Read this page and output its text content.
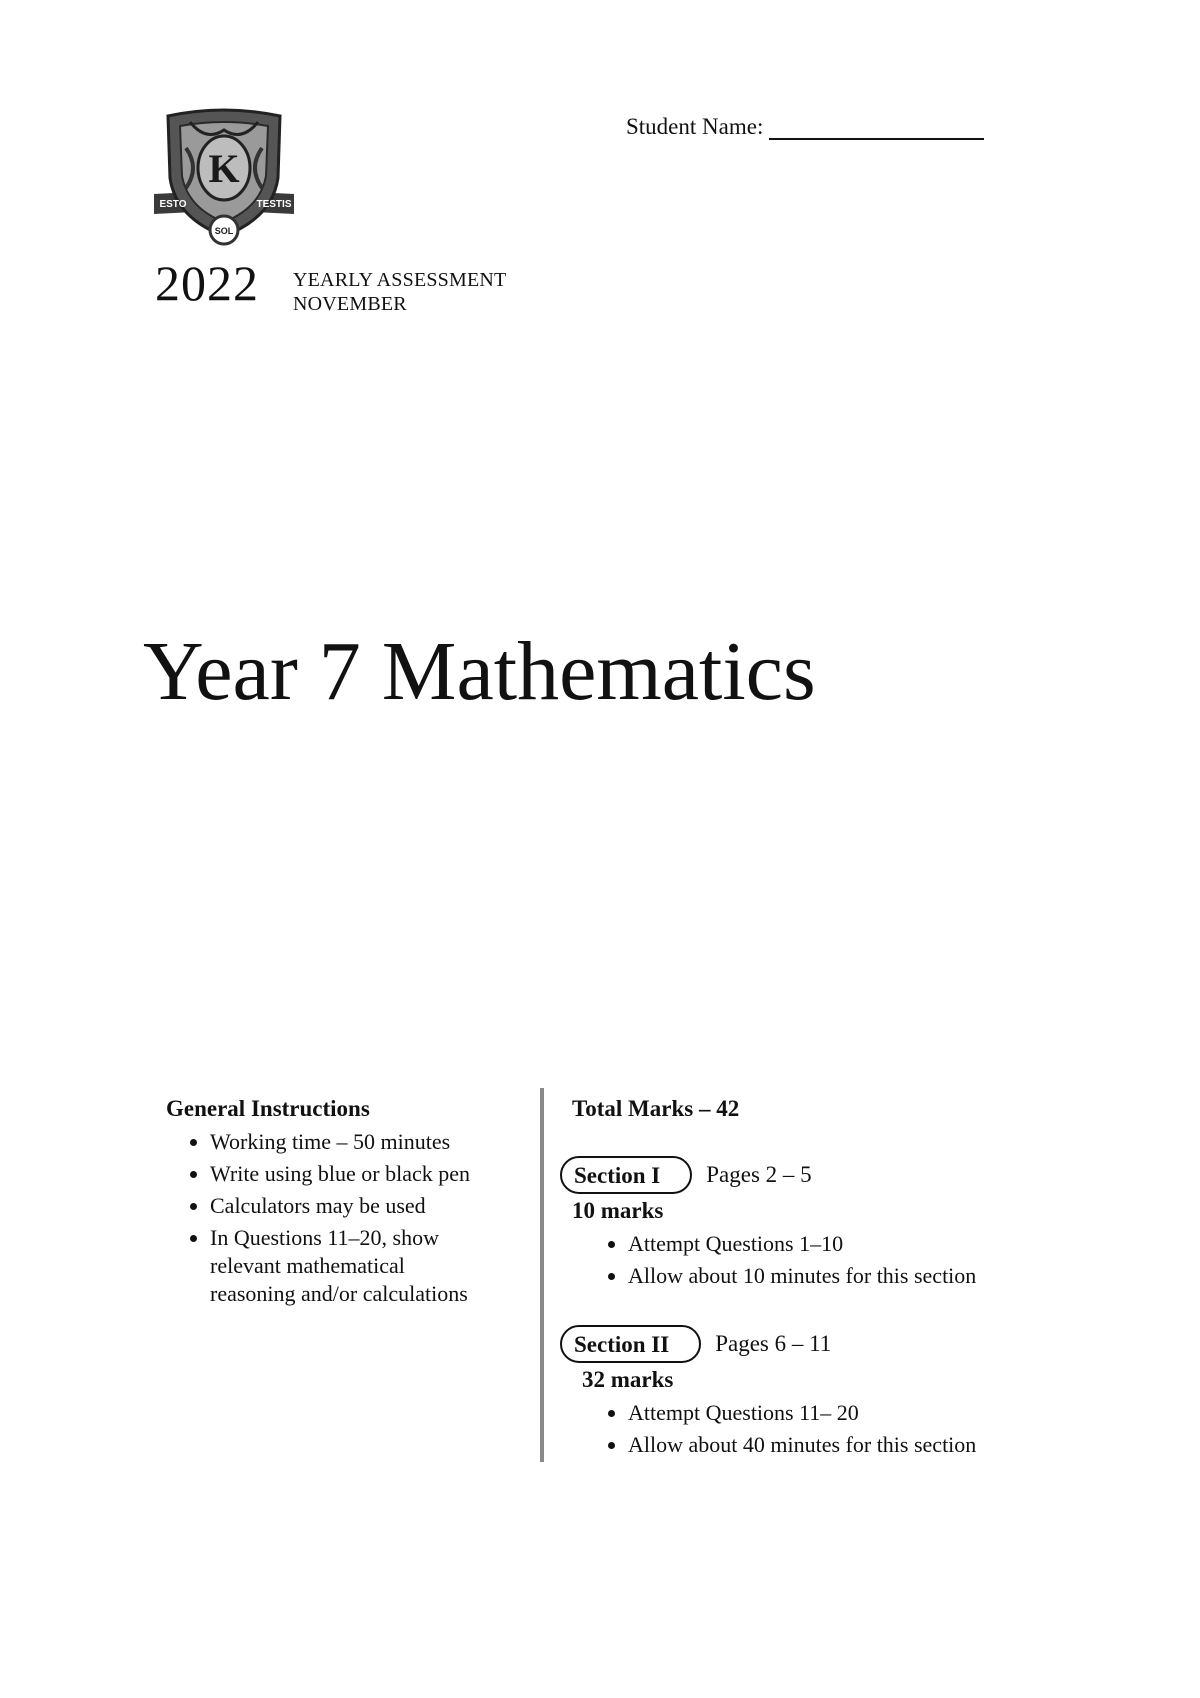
K
ESTO	TESTIS
SOL
Student Name:
2022 YEARLY ASSESSMENT
NOVEMBER
Year 7 Mathematics
General Instructions
• Working time – 50 minutes
• Write using blue or black pen
• Calculators may be used
• In Questions 11–20, show
relevant mathematical
reasoning and/or calculations
Total Marks – 42
Section I Pages 2 – 5
10 marks
• Attempt Questions 1–10
• Allow about 10 minutes for this section
Section II Pages 6 – 11
32 marks
• Attempt Questions 11– 20
• Allow about 40 minutes for this section
